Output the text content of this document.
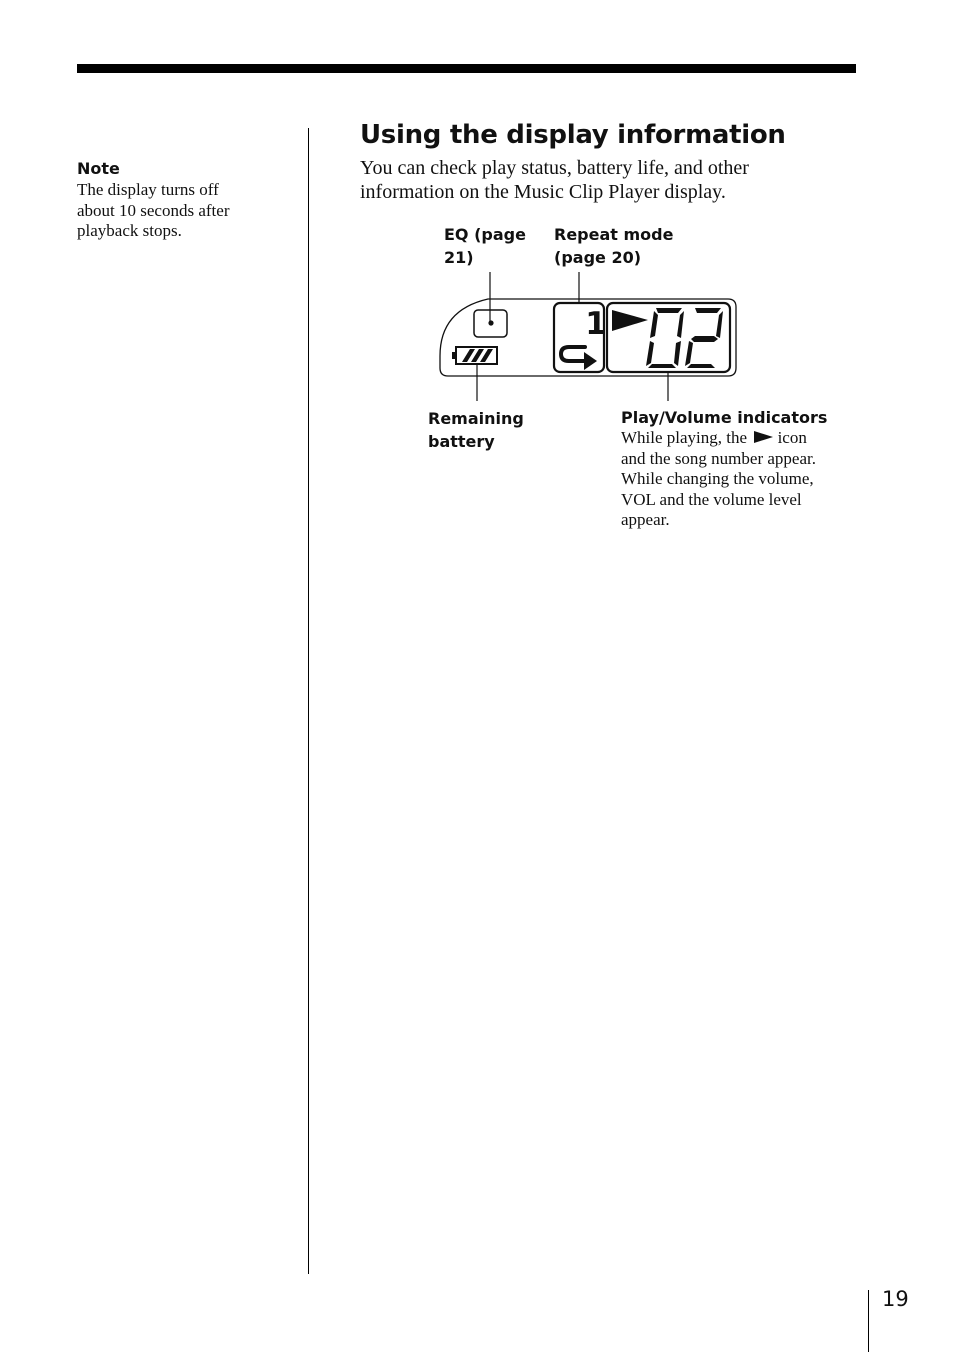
Note
The display turns off
about 10 seconds after
playback stops.
Using the display information

You can check play status, battery life, and other information on the Music Clip Player display.

EQ (page
21)
Repeat mode
(page 20)
Remaining
battery
Play/Volume indicators
While playing, the icon
and the song number appear.
While changing the volume,
VOL and the volume level
appear.
1
19
